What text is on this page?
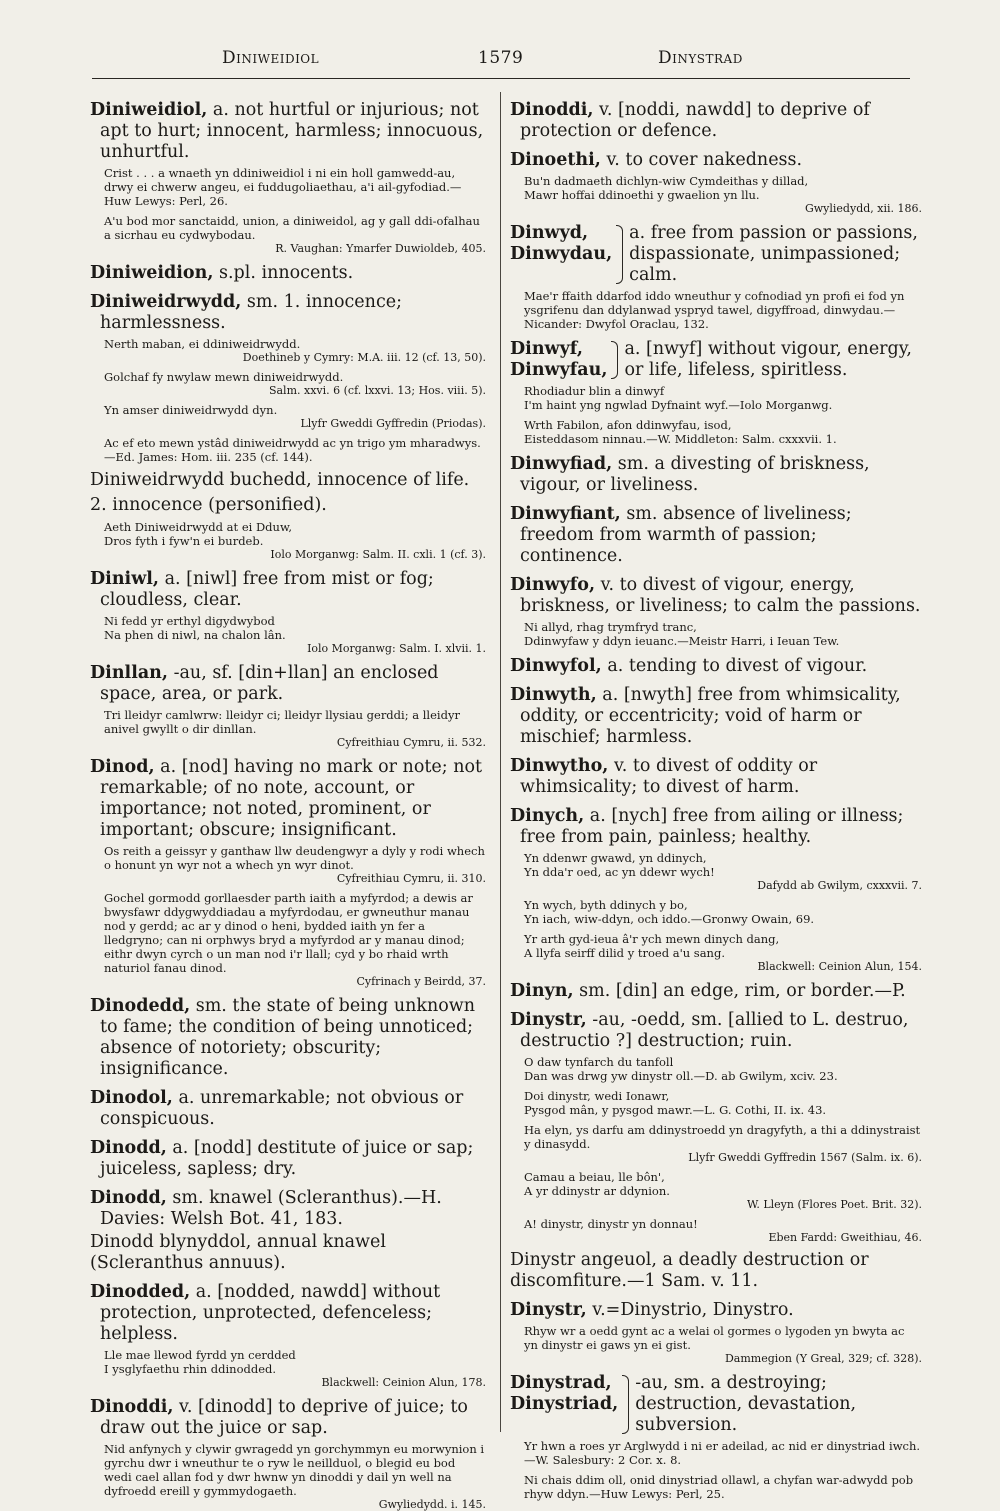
Diniweidiol	1579	Dinystrad

Diniweidiol, a. not hurtful or injurious; not apt to hurt; innocent, harmless; innocuous, unhurtful.

Crist . . . a wnaeth yn ddiniweidiol i ni ein holl gamwedd-au, drwy ei chwerw angeu, ei fuddugoliaethau, a'i ail-gyfodiad.—Huw Lewys: Perl, 26.
A'u bod mor sanctaidd, union, a diniweidol, ag y gall ddi-ofalhau a sicrhau eu cydwybodau.
R. Vaughan: Ymarfer Duwioldeb, 405.

Diniweidion, s.pl. innocents.

Diniweidrwydd, sm. 1. innocence; harmlessness.

Nerth maban, ei ddiniweidrwydd.
Doethineb y Cymry: M.A. iii. 12 (cf. 13, 50).
Golchaf fy nwylaw mewn diniweidrwydd.
Salm. xxvi. 6 (cf. lxxvi. 13; Hos. viii. 5).
Yn amser diniweidrwydd dyn.
Llyfr Gweddi Gyffredin (Priodas).
Ac ef eto mewn ystâd diniweidrwydd ac yn trigo ym mharadwys.—Ed. James: Hom. iii. 235 (cf. 144).
Diniweidrwydd buchedd, innocence of life.
2. innocence (personified).
Aeth Diniweidrwydd at ei Dduw,
Dros fyth i fyw'n ei burdeb.
Iolo Morganwg: Salm. II. cxli. 1 (cf. 3).

Diniwl, a. [niwl] free from mist or fog; cloudless, clear.

Ni fedd yr erthyl digydwybod
Na phen di niwl, na chalon lân.
Iolo Morganwg: Salm. I. xlvii. 1.

Dinllan, -au, sf. [din+llan] an enclosed space, area, or park.

Tri lleidyr camlwrw: lleidyr ci; lleidyr llysiau gerddi; a lleidyr anivel gwyllt o dir dinllan.
Cyfreithiau Cymru, ii. 532.

Dinod, a. [nod] having no mark or note; not remarkable; of no note, account, or importance; not noted, prominent, or important; obscure; insignificant.

Os reith a geissyr y ganthaw llw deudengwyr a dyly y rodi whech o honunt yn wyr not a whech yn wyr dinot.
Cyfreithiau Cymru, ii. 310.
Gochel gormodd gorllaesder parth iaith a myfyrdod; a dewis ar bwysfawr ddygwyddiadau a myfyrdodau, er gwneuthur manau nod y gerdd; ac ar y dinod o heni, bydded iaith yn fer a lledgryno; can ni orphwys bryd a myfyrdod ar y manau dinod; eithr dwyn cyrch o un man nod i'r llall; cyd y bo rhaid wrth naturiol fanau dinod.
Cyfrinach y Beirdd, 37.

Dinodedd, sm. the state of being unknown to fame; the condition of being unnoticed; absence of notoriety; obscurity; insignificance.

Dinodol, a. unremarkable; not obvious or conspicuous.

Dinodd, a. [nodd] destitute of juice or sap; juiceless, sapless; dry.

Dinodd, sm. knawel (Scleranthus).—H. Davies: Welsh Bot. 41, 183.

Dinodd blynyddol, annual knawel (Scleranthus annuus).

Dinodded, a. [nodded, nawdd] without protection, unprotected, defenceless; helpless.

Lle mae llewod fyrdd yn cerdded
I ysglyfaethu rhin ddinodded.
Blackwell: Ceinion Alun, 178.

Dinoddi, v. [dinodd] to deprive of juice; to draw out the juice or sap.

Nid anfynych y clywir gwragedd yn gorchymmyn eu morwynion i gyrchu dwr i wneuthur te o ryw le neillduol, o blegid eu bod wedi cael allan fod y dwr hwnw yn dinoddi y dail yn well na dyfroedd ereill y gymmydogaeth.
Gwyliedydd. i. 145.

Dinoddi, v. [noddi, nawdd] to deprive of protection or defence.

Dinoethi, v. to cover nakedness.

Bu'n dadmaeth dichlyn-wiw Cymdeithas y dillad,
Mawr hoffai ddinoethi y gwaelion yn llu.
Gwyliedydd, xii. 186.
Dinwyd,
Dinwydau,
a. free from passion or passions, dispassionate, unimpassioned; calm.
Mae'r ffaith ddarfod iddo wneuthur y cofnodiad yn profi ei fod yn ysgrifenu dan ddylanwad yspryd tawel, digyffroad, dinwydau.—Nicander: Dwyfol Oraclau, 132.
Dinwyf,
Dinwyfau,
a. [nwyf] without vigour, energy, or life, lifeless, spiritless.
Rhodiadur blin a dinwyf
I'm haint yng ngwlad Dyfnaint wyf.—Iolo Morganwg.
Wrth Fabilon, afon ddinwyfau, isod,
Eisteddasom ninnau.—W. Middleton: Salm. cxxxvii. 1.

Dinwyfiad, sm. a divesting of briskness, vigour, or liveliness.

Dinwyfiant, sm. absence of liveliness; freedom from warmth of passion; continence.

Dinwyfo, v. to divest of vigour, energy, briskness, or liveliness; to calm the passions.

Ni allyd, rhag trymfryd tranc,
Ddinwyfaw y ddyn ieuanc.—Meistr Harri, i Ieuan Tew.

Dinwyfol, a. tending to divest of vigour.

Dinwyth, a. [nwyth] free from whimsicality, oddity, or eccentricity; void of harm or mischief; harmless.

Dinwytho, v. to divest of oddity or whimsicality; to divest of harm.

Dinych, a. [nych] free from ailing or illness; free from pain, painless; healthy.

Yn ddenwr gwawd, yn ddinych,
Yn dda'r oed, ac yn ddewr wych!
Dafydd ab Gwilym, cxxxvii. 7.
Yn wych, byth ddinych y bo,
Yn iach, wiw-ddyn, och iddo.—Gronwy Owain, 69.
Yr arth gyd-ieua â'r ych mewn dinych dang,
A llyfa seirff dilid y troed a'u sang.
Blackwell: Ceinion Alun, 154.

Dinyn, sm. [din] an edge, rim, or border.—P.

Dinystr, -au, -oedd, sm. [allied to L. destruo, destructio ?] destruction; ruin.

O daw tynfarch du tanfoll
Dan was drwg yw dinystr oll.—D. ab Gwilym, xciv. 23.
Doi dinystr, wedi Ionawr,
Pysgod mân, y pysgod mawr.—L. G. Cothi, II. ix. 43.
Ha elyn, ys darfu am ddinystroedd yn dragyfyth, a thi a ddinystraist y dinasydd.
Llyfr Gweddi Gyffredin 1567 (Salm. ix. 6).
Camau a beiau, lle bôn',
A yr ddinystr ar ddynion.
W. Lleyn (Flores Poet. Brit. 32).
A! dinystr, dinystr yn donnau!
Eben Fardd: Gweithiau, 46.
Dinystr angeuol, a deadly destruction or discomfiture.—1 Sam. v. 11.

Dinystr, v.=Dinystrio, Dinystro.

Rhyw wr a oedd gynt ac a welai ol gormes o lygoden yn bwyta ac yn dinystr ei gaws yn ei gist.
Dammegion (Y Greal, 329; cf. 328).
Dinystrad,
Dinystriad,
-au, sm. a destroying; destruction, devastation, subversion.
Yr hwn a roes yr Arglwydd i ni er adeilad, ac nid er dinystriad iwch.—W. Salesbury: 2 Cor. x. 8.
Ni chais ddim oll, onid dinystriad ollawl, a chyfan war-adwydd pob rhyw ddyn.—Huw Lewys: Perl, 25.
